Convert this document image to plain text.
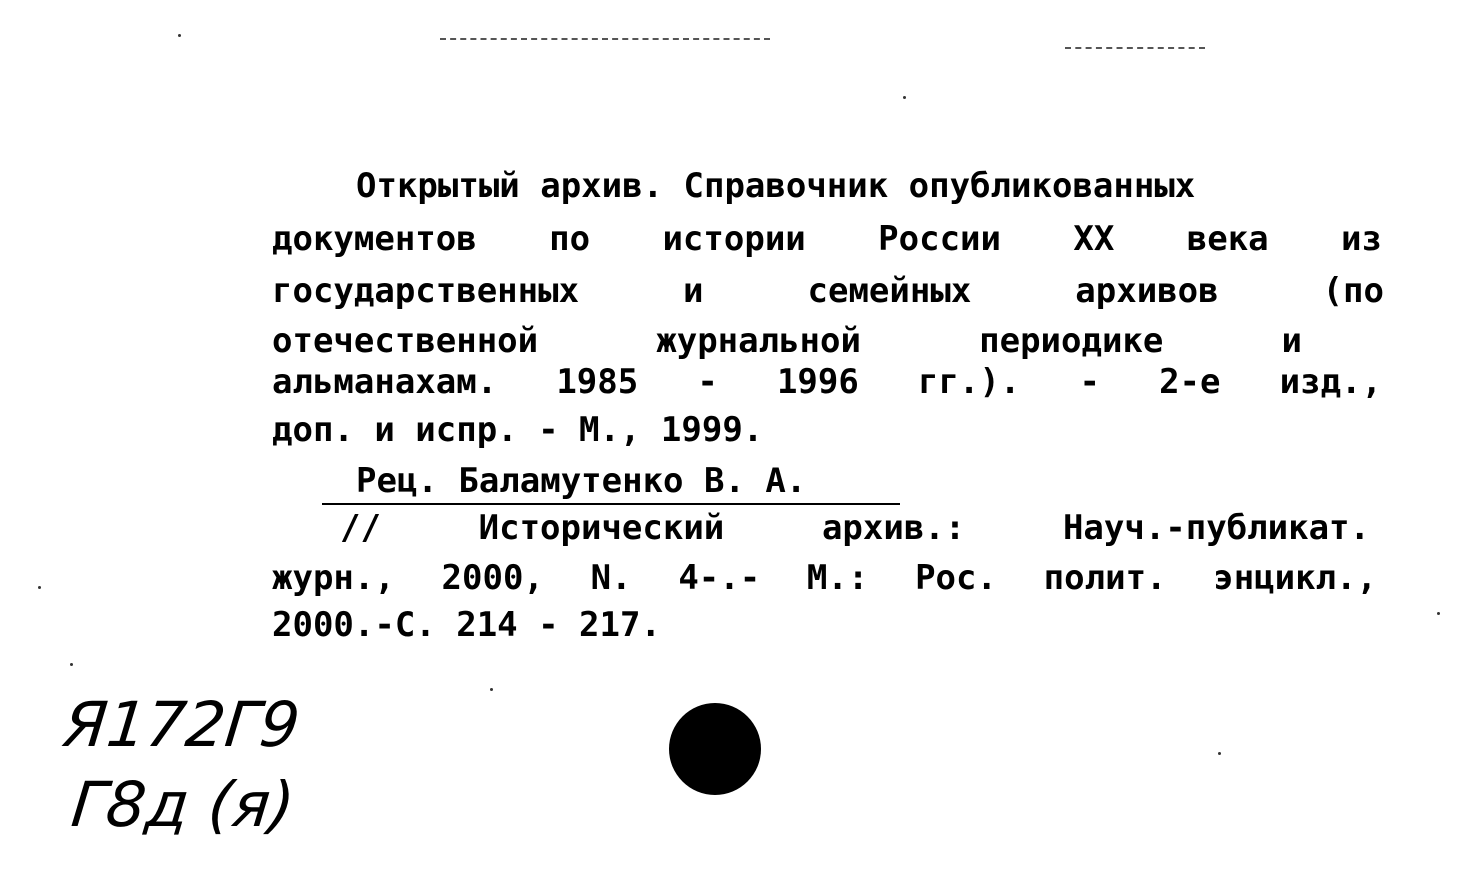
Открытый архив. Справочник опубликованных
документов по истории России XX века из
государственных и семейных архивов (по
отечественной журнальной периодике и
альманахам. 1985 - 1996 гг.). - 2-е изд.,
доп. и испр. - М., 1999.
Рец. Баламутенко В. А.
// Исторический архив.: Науч.-публикат.
журн., 2000, N. 4-.- М.: Рос. полит. энцикл.,
2000.-С. 214 - 217.
Я172Г9
Г8д (я)
